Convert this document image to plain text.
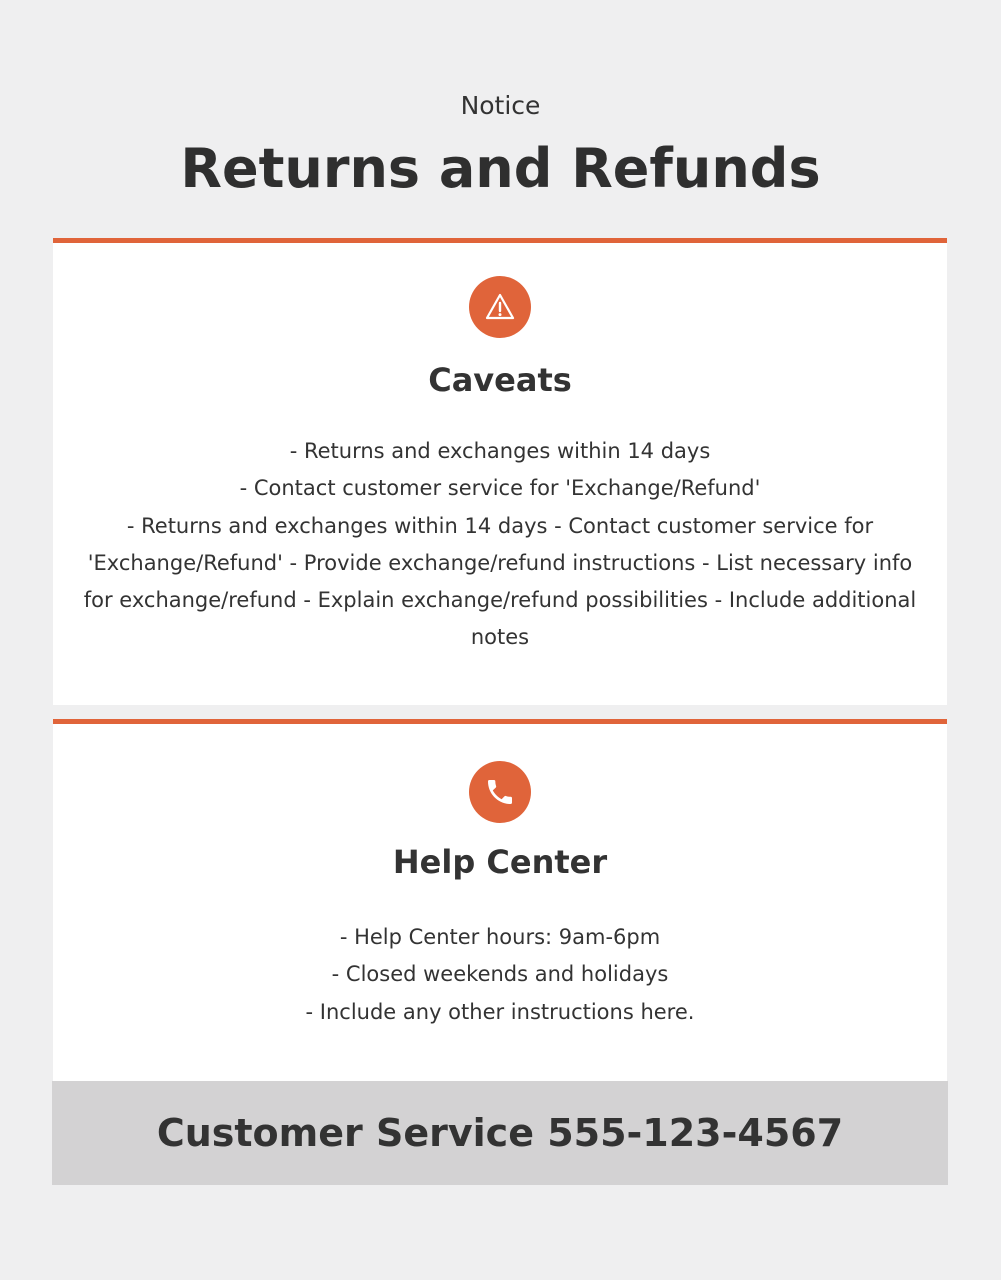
Notice
Returns and Refunds
Caveats
- Returns and exchanges within 14 days
- Contact customer service for 'Exchange/Refund'
- Returns and exchanges within 14 days - Contact customer service for 'Exchange/Refund' - Provide exchange/refund instructions - List necessary info for exchange/refund - Explain exchange/refund possibilities - Include additional notes
Help Center
- Help Center hours: 9am-6pm
- Closed weekends and holidays
- Include any other instructions here.
Customer Service 555-123-4567
